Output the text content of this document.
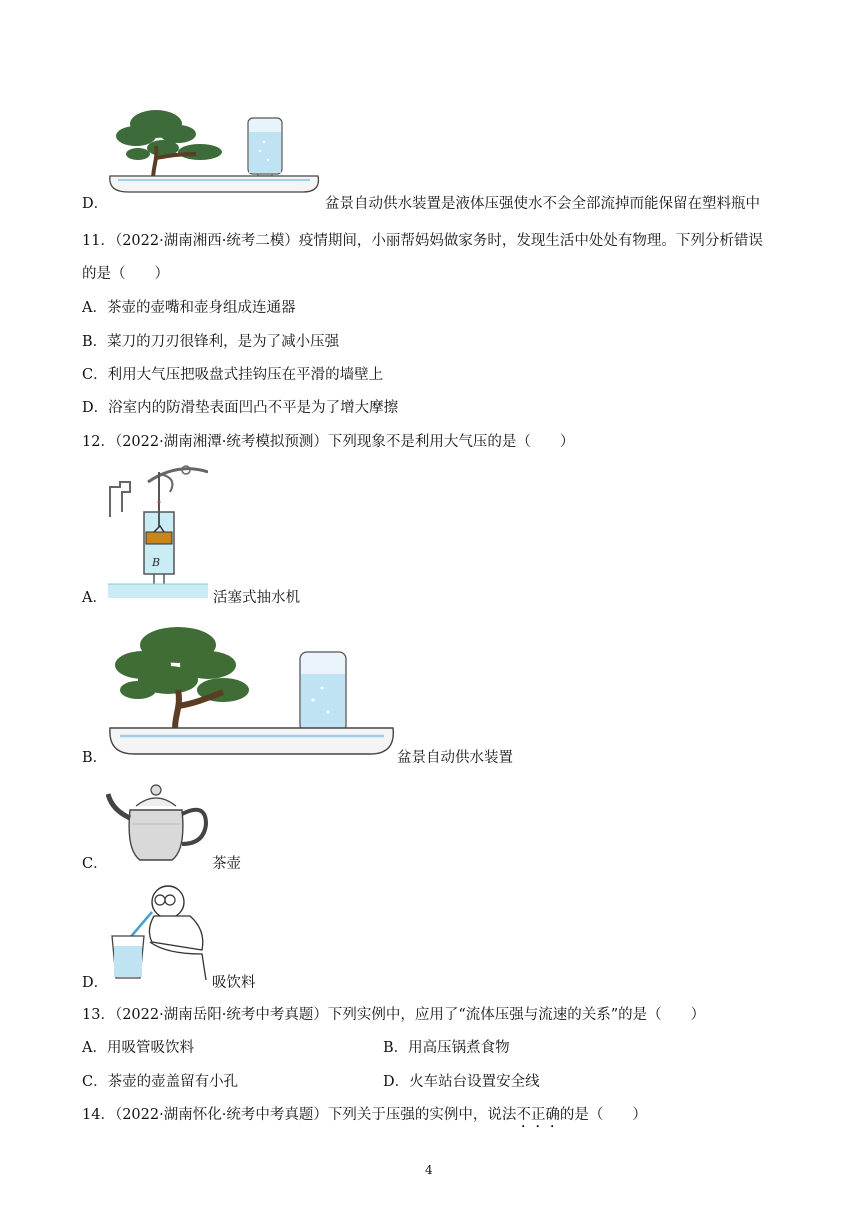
D．	盆景自动供水装置是液体压强使水不会全部流掉而能保留在塑料瓶中
11．（2022·湖南湘西·统考二模）疫情期间，小丽帮妈妈做家务时，发现生活中处处有物理。下列分析错误
的是（　　）
A．茶壶的壶嘴和壶身组成连通器
B．菜刀的刀刃很锋利，是为了减小压强
C．利用大气压把吸盘式挂钩压在平滑的墙壁上
D．浴室内的防滑垫表面凹凸不平是为了增大摩擦
12．（2022·湖南湘潭·统考模拟预测）下列现象不是利用大气压的是（　　）
B
A．	活塞式抽水机
B．	盆景自动供水装置
C．	茶壶
D．	吸饮料
13．（2022·湖南岳阳·统考中考真题）下列实例中，应用了“流体压强与流速的关系”的是（　　）
A．用吸管吸饮料	B．用高压锅煮食物
C．茶壶的壶盖留有小孔	D．火车站台设置安全线
14．（2022·湖南怀化·统考中考真题）下列关于压强的实例中，说法不正确的是（　　）
4
